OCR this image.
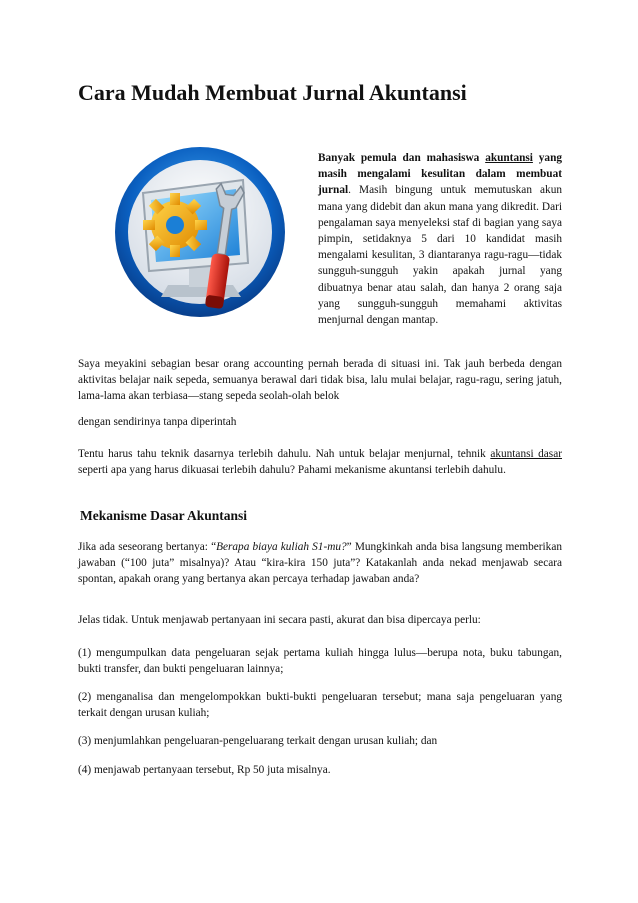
Cara Mudah Membuat Jurnal Akuntansi

Banyak pemula dan mahasiswa akuntansi yang masih mengalami kesulitan dalam membuat jurnal. Masih bingung untuk memutuskan akun mana yang didebit dan akun mana yang dikredit. Dari pengalaman saya menyeleksi staf di bagian yang saya pimpin, setidaknya 5 dari 10 kandidat masih mengalami kesulitan, 3 diantaranya ragu-ragu—tidak sungguh-sungguh yakin apakah jurnal yang dibuatnya benar atau salah, dan hanya 2 orang saja yang sungguh-sungguh memahami aktivitas menjurnal dengan mantap.

Saya meyakini sebagian besar orang accounting pernah berada di situasi ini. Tak jauh berbeda dengan aktivitas belajar naik sepeda, semuanya berawal dari tidak bisa, lalu mulai belajar, ragu-ragu, sering jatuh, lama-lama akan terbiasa—stang sepeda seolah-olah belok

dengan sendirinya tanpa diperintah

Tentu harus tahu teknik dasarnya terlebih dahulu. Nah untuk belajar menjurnal, tehnik akuntansi dasar seperti apa yang harus dikuasai terlebih dahulu? Pahami mekanisme akuntansi terlebih dahulu.

Mekanisme Dasar Akuntansi

Jika ada seseorang bertanya: “Berapa biaya kuliah S1-mu?” Mungkinkah anda bisa langsung memberikan jawaban (“100 juta” misalnya)? Atau “kira-kira 150 juta”? Katakanlah anda nekad menjawab secara spontan, apakah orang yang bertanya akan percaya terhadap jawaban anda?

Jelas tidak. Untuk menjawab pertanyaan ini secara pasti, akurat dan bisa dipercaya perlu:

(1) mengumpulkan data pengeluaran sejak pertama kuliah hingga lulus—berupa nota, buku tabungan, bukti transfer, dan bukti pengeluaran lainnya;

(2) menganalisa dan mengelompokkan bukti-bukti pengeluaran tersebut; mana saja pengeluaran yang terkait dengan urusan kuliah;

(3) menjumlahkan pengeluaran-pengeluarang terkait dengan urusan kuliah; dan

(4) menjawab pertanyaan tersebut, Rp 50 juta misalnya.
